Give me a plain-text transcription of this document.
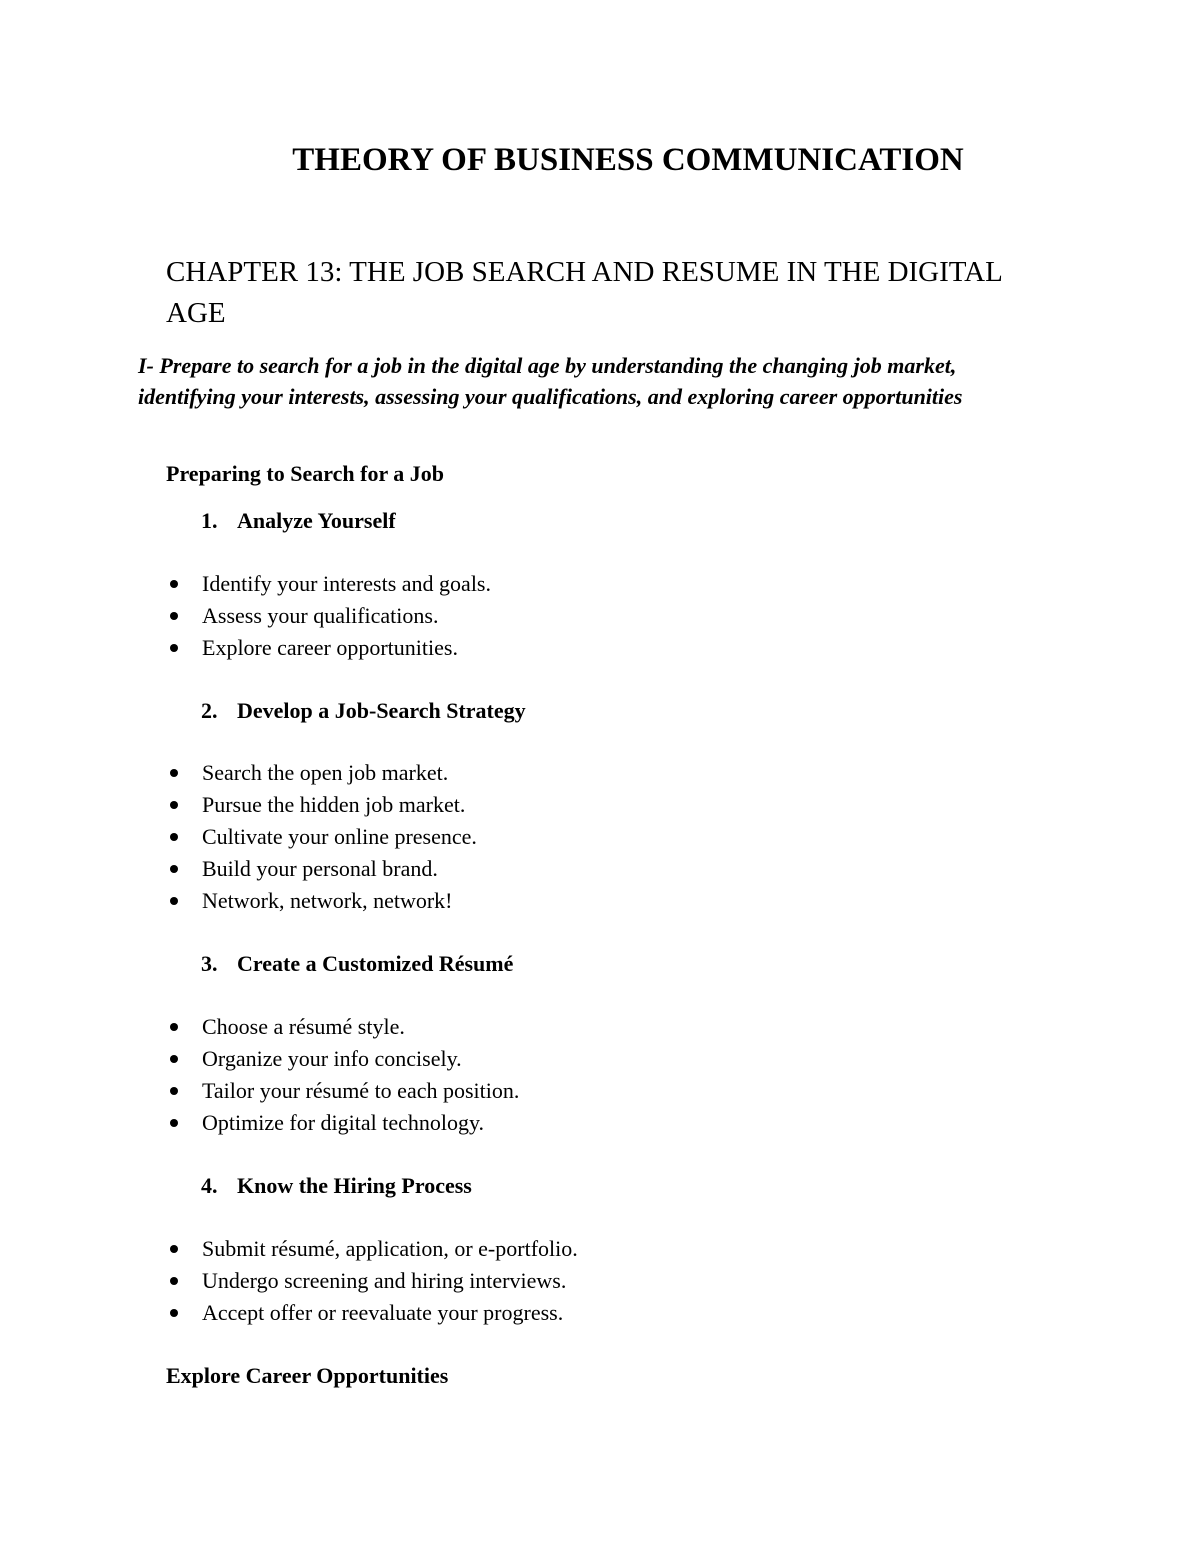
THEORY OF BUSINESS COMMUNICATION
CHAPTER 13: THE JOB SEARCH AND RESUME IN THE DIGITAL AGE

I- Prepare to search for a job in the digital age by understanding the changing job market, identifying your interests, assessing your qualifications, and exploring career opportunities

Preparing to Search for a Job
1. Analyze Yourself
Identify your interests and goals.
Assess your qualifications.
Explore career opportunities.
2. Develop a Job-Search Strategy
Search the open job market.
Pursue the hidden job market.
Cultivate your online presence.
Build your personal brand.
Network, network, network!
3. Create a Customized Résumé
Choose a résumé style.
Organize your info concisely.
Tailor your résumé to each position.
Optimize for digital technology.
4. Know the Hiring Process
Submit résumé, application, or e-portfolio.
Undergo screening and hiring interviews.
Accept offer or reevaluate your progress.
Explore Career Opportunities
